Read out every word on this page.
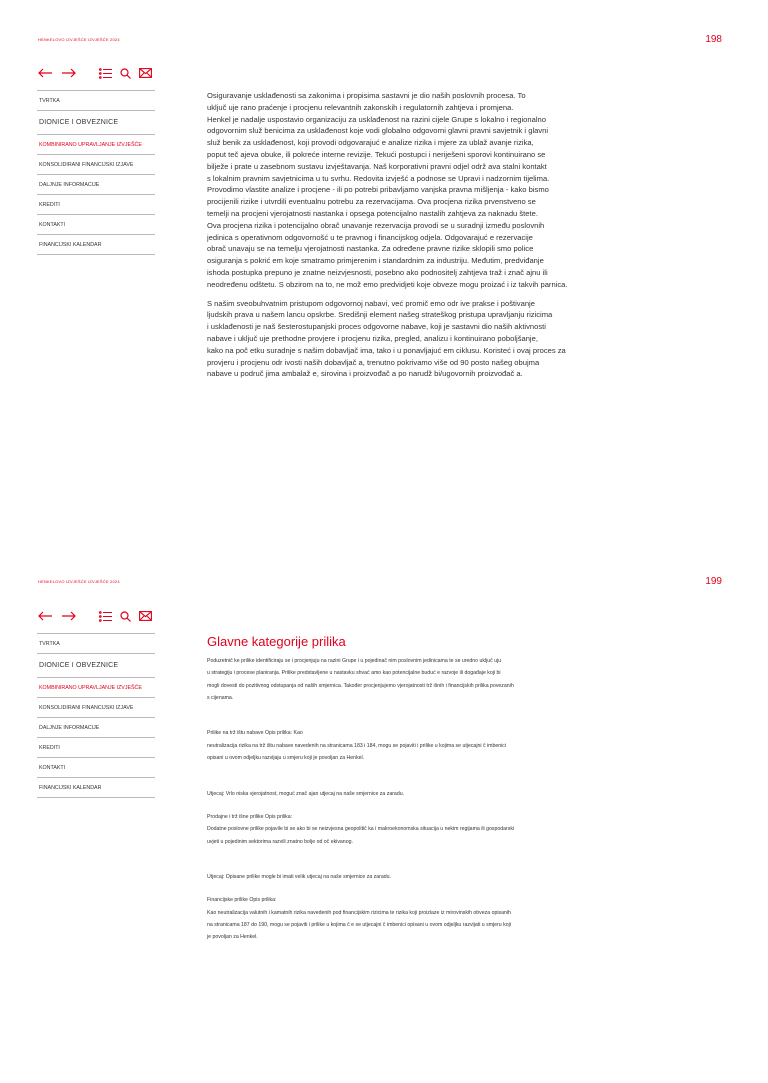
HENKELOVO IZVJEŠĆE IZVJEŠĆE 2024	198
TVRTKA
DIONICE I OBVEZNICE
KOMBINIRANO UPRAVLJANJE IZVJEŠĆE
KONSOLIDIRANI FINANCIJSKI IZJAVE
DALJNJE INFORMACIJE
KREDITI
KONTAKTI
FINANCIJSKI KALENDAR

Osiguravanje usklađenosti sa zakonima i propisima sastavni je dio naših poslovnih procesa. To
uključ uje rano praćenje i procjenu relevantnih zakonskih i regulatornih zahtjeva i promjena.
Henkel je nadalje uspostavio organizaciju za usklađenost na razini cijele Grupe s lokalno i regionalno
odgovornim služ benicima za usklađenost koje vodi globalno odgovorni glavni pravni savjetnik i glavni
služ benik za usklađenost, koji provodi odgovarajuć e analize rizika i mjere za ublaž avanje rizika,
poput teč ajeva obuke, ili pokreće interne revizije. Tekući postupci i neriješeni sporovi kontinuirano se
bilježe i prate u zasebnom sustavu izvještavanja. Naš korporativni pravni odjel održ ava stalni kontakt
s lokalnim pravnim savjetnicima u tu svrhu. Redovita izvješć a podnose se Upravi i nadzornim tijelima.
Provodimo vlastite analize i procjene - ili po potrebi pribavljamo vanjska pravna mišljenja - kako bismo
procijenili rizike i utvrdili eventualnu potrebu za rezervacijama. Ova procjena rizika prvenstveno se
temelji na procjeni vjerojatnosti nastanka i opsega potencijalno nastalih zahtjeva za naknadu štete.
Ova procjena rizika i potencijalno obrač unavanje rezervacija provodi se u suradnji između poslovnih
jedinica s operativnom odgovornošć u te pravnog i financijskog odjela. Odgovarajuć e rezervacije
obrač unavaju se na temelju vjerojatnosti nastanka. Za određene pravne rizike sklopili smo police
osiguranja s pokrić em koje smatramo primjerenim i standardnim za industriju. Međutim, predviđanje
ishoda postupka prepuno je znatne neizvjesnosti, posebno ako podnositelj zahtjeva traž i znač ajnu ili
neodređenu odštetu. S obzirom na to, ne mož emo predvidjeti koje obveze mogu proizać i iz takvih parnica.

S našim sveobuhvatnim pristupom odgovornoj nabavi, već promič emo odr ive prakse i poštivanje
ljudskih prava u našem lancu opskrbe. Središnji element našeg strateškog pristupa upravljanju rizicima
i usklađenosti je naš šesterostupanjski proces odgovorne nabave, koji je sastavni dio naših aktivnosti
nabave i uključ uje prethodne provjere i procjenu rizika, pregled, analizu i kontinuirano poboljšanje,
kako na poč etku suradnje s našim dobavljač ima, tako i u ponavljajuć em ciklusu. Koristeć i ovaj proces za
provjeru i procjenu odr ivosti naših dobavljač a, trenutno pokrivamo više od 90 posto našeg obujma
nabave u područ jima ambalaž e, sirovina i proizvođač a po narudž bi/ugovornih proizvođač a.

HENKELOVO IZVJEŠĆE IZVJEŠĆE 2024	199
TVRTKA
DIONICE I OBVEZNICE
KOMBINIRANO UPRAVLJANJE IZVJEŠĆE
KONSOLIDIRANI FINANCIJSKI IZJAVE
DALJNJE INFORMACIJE
KREDITI
KONTAKTI
FINANCIJSKI KALENDAR
Glavne kategorije prilika

Poduzetnič ke prilike identificiraju se i procjenjuju na razini Grupe i u pojedinač nim poslovnim jedinicama te se uredno uključ uju
u strategiju i procese planiranja. Prilike predstavljene u nastavku shvać amo kao potencijalne buduć e razvoje ili događaje koji bi
mogli dovesti do pozitivnog odstupanja od naših smjernica. Također procjenjujemo vjerojatnosti trž išnih i financijskih prilika povezanih
s cijenama.

Prilike na trž ištu nabave Opis prilika: Kao
neutralizacija rizika na trž ištu nabave navedenih na stranicama 183 i 184, mogu se pojaviti i prilike u kojima se utjecajni č imbenici
opisani u ovom odjeljku razvijaju u smjeru koji je povoljan za Henkel.

Utjecaj: Vrlo niska vjerojatnost, moguć znač ajan utjecaj na naše smjernice za zaradu.

Prodajne i trž išne prilike Opis prilika:
Dodatne poslovne prilike pojavile bi se ako bi se neizvjesna geopolitič ka i makroekonomska situacija u nekim regijama ili gospodarski
uvjeti u pojedinim sektorima razvili znatno bolje od oč ekivanog.

Utjecaj: Opisane prilike mogle bi imati velik utjecaj na naše smjernice za zaradu.

Financijske prilike Opis prilika:
Kao neutralizacija valutnih i kamatnih rizika navedenih pod financijskim rizicima te rizika koji proizlaze iz mirovinskih obveza opisanih
na stranicama 187 do 190, mogu se pojaviti i prilike u kojima č e se utjecajni č imbenici opisani u ovom odjeljku razvijati u smjeru koji
je povoljan za Henkel.
